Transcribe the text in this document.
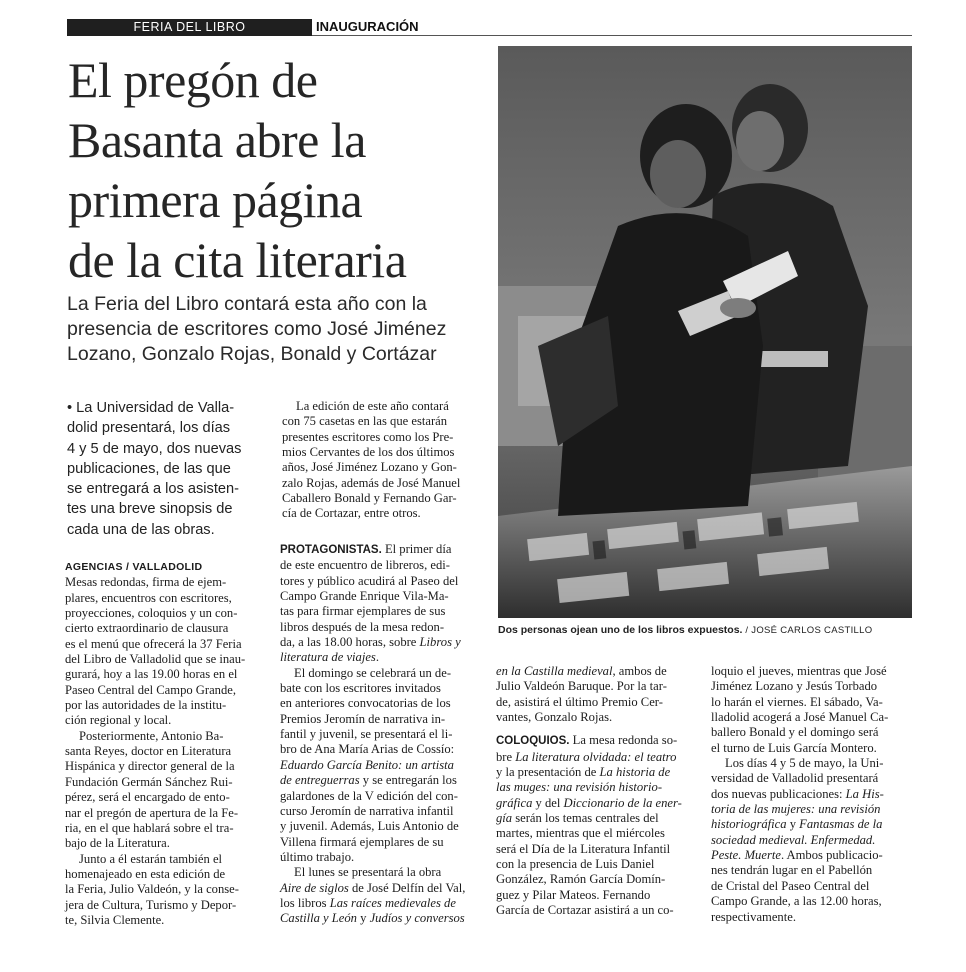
FERIA DEL LIBRO	INAUGURACIÓN
El pregón de
Basanta abre la
primera página
de la cita literaria
La Feria del Libro contará esta año con la
presencia de escritores como José Jiménez
Lozano, Gonzalo Rojas, Bonald y Cortázar
• La Universidad de Valla-
dolid presentará, los días
4 y 5 de mayo, dos nuevas
publicaciones, de las que
se entregará a los asisten-
tes una breve sinopsis de
cada una de las obras.
AGENCIAS / VALLADOLID
Mesas redondas, firma de ejem-
plares, encuentros con escritores,
proyecciones, coloquios y un con-
cierto extraordinario de clausura
es el menú que ofrecerá la 37 Feria
del Libro de Valladolid que se inau-
gurará, hoy a las 19.00 horas en el
Paseo Central del Campo Grande,
por las autoridades de la institu-
ción regional y local.
Posteriormente, Antonio Ba-
santa Reyes, doctor en Literatura
Hispánica y director general de la
Fundación Germán Sánchez Rui-
pérez, será el encargado de ento-
nar el pregón de apertura de la Fe-
ria, en el que hablará sobre el tra-
bajo de la Literatura.
Junto a él estarán también el
homenajeado en esta edición de
la Feria, Julio Valdeón, y la conse-
jera de Cultura, Turismo y Depor-
te, Silvia Clemente.
La edición de este año contará
con 75 casetas en las que estarán
presentes escritores como los Pre-
mios Cervantes de los dos últimos
años, José Jiménez Lozano y Gon-
zalo Rojas, además de José Manuel
Caballero Bonald y Fernando Gar-
cía de Cortazar, entre otros.
PROTAGONISTAS. El primer día
de este encuentro de libreros, edi-
tores y público acudirá al Paseo del
Campo Grande Enrique Vila-Ma-
tas para firmar ejemplares de sus
libros después de la mesa redon-
da, a las 18.00 horas, sobre Libros y
literatura de viajes.
El domingo se celebrará un de-
bate con los escritores invitados
en anteriores convocatorias de los
Premios Jeromín de narrativa in-
fantil y juvenil, se presentará el li-
bro de Ana María Arias de Cossío:
Eduardo García Benito: un artista
de entreguerras y se entregarán los
galardones de la V edición del con-
curso Jeromín de narrativa infantil
y juvenil. Además, Luis Antonio de
Villena firmará ejemplares de su
último trabajo.
El lunes se presentará la obra
Aire de siglos de José Delfín del Val,
los libros Las raíces medievales de
Castilla y León y Judíos y conversos
en la Castilla medieval, ambos de
Julio Valdeón Baruque. Por la tar-
de, asistirá el último Premio Cer-
vantes, Gonzalo Rojas.
COLOQUIOS. La mesa redonda so-
bre La literatura olvidada: el teatro
y la presentación de La historia de
las muges: una revisión historio-
gráfica y del Diccionario de la ener-
gía serán los temas centrales del
martes, mientras que el miércoles
será el Día de la Literatura Infantil
con la presencia de Luis Daniel
González, Ramón García Domín-
guez y Pilar Mateos. Fernando
García de Cortazar asistirá a un co-
loquio el jueves, mientras que José
Jiménez Lozano y Jesús Torbado
lo harán el viernes. El sábado, Va-
lladolid acogerá a José Manuel Ca-
ballero Bonald y el domingo será
el turno de Luis García Montero.
Los días 4 y 5 de mayo, la Uni-
versidad de Valladolid presentará
dos nuevas publicaciones: La His-
toria de las mujeres: una revisión
historiográfica y Fantasmas de la
sociedad medieval. Enfermedad.
Peste. Muerte. Ambos publicacio-
nes tendrán lugar en el Pabellón
de Cristal del Paseo Central del
Campo Grande, a las 12.00 horas,
respectivamente.
Dos personas ojean uno de los libros expuestos. / JOSÉ CARLOS CASTILLO
